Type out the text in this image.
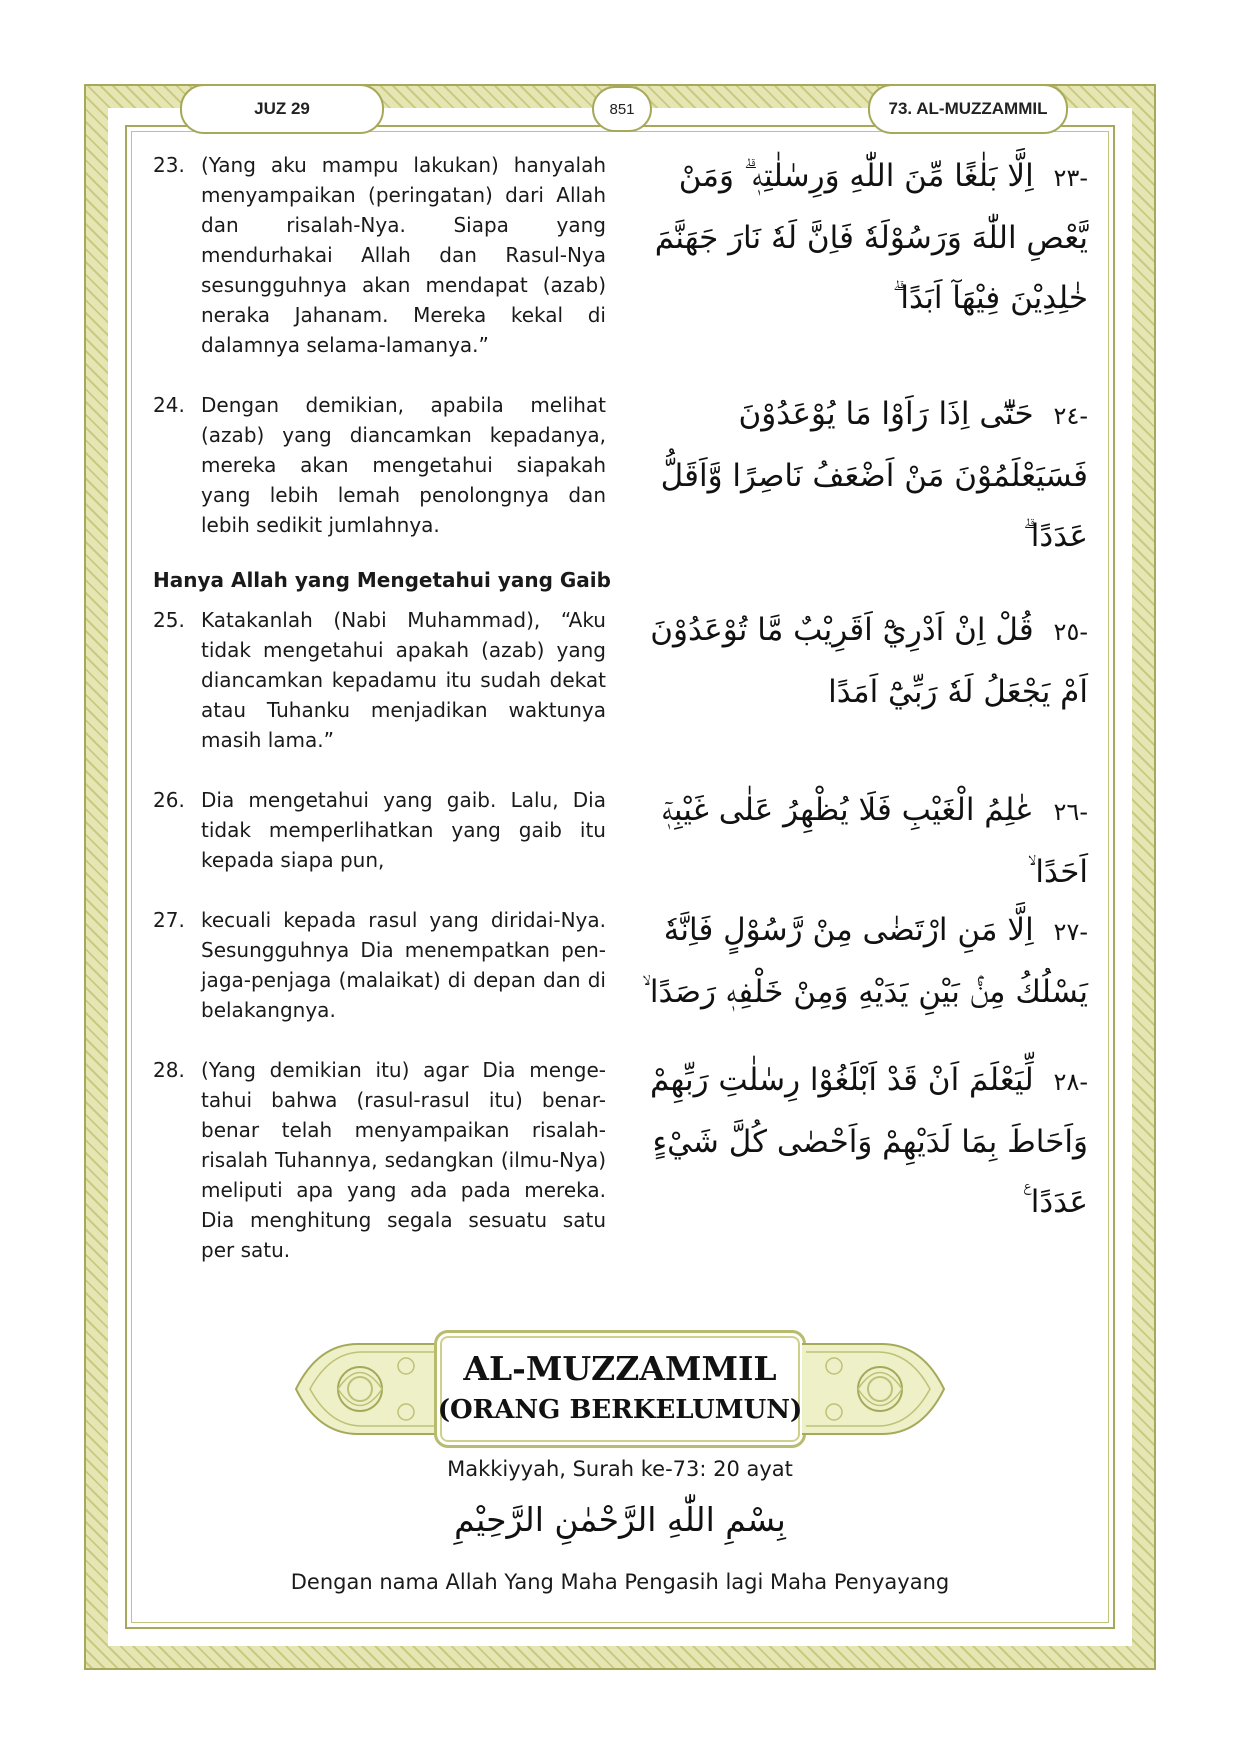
JUZ 29	851	73. AL-MUZZAMMIL
23. (Yang aku mampu lakukan) hanyalah menyampaikan (peringatan) dari Allah dan risalah-Nya. Siapa yang mendurhakai Allah dan Rasul-Nya sesungguhnya akan mendapat (azab) neraka Jahanam. Mereka kekal di dalamnya selama-lamanya.”
-٢٣ اِلَّا بَلٰغًا مِّنَ اللّٰهِ وَرِسٰلٰتِهٖ ۗ وَمَنْ يَّعْصِ اللّٰهَ وَرَسُوْلَهٗ فَاِنَّ لَهٗ نَارَ جَهَنَّمَ خٰلِدِيْنَ فِيْهَآ اَبَدًا ۗ
24. Dengan demikian, apabila melihat (azab) yang diancamkan kepadanya, mereka akan mengetahui siapakah yang lebih lemah penolongnya dan lebih sedikit jumlahnya.
-٢٤ حَتّٰٓى اِذَا رَاَوْا مَا يُوْعَدُوْنَ فَسَيَعْلَمُوْنَ مَنْ اَضْعَفُ نَاصِرًا وَّاَقَلُّ عَدَدًا ۗ
Hanya Allah yang Mengetahui yang Gaib
25. Katakanlah (Nabi Muhammad), “Aku tidak mengetahui apakah (azab) yang diancamkan kepadamu itu sudah dekat atau Tuhanku menjadikan waktunya masih lama.”
-٢٥ قُلْ اِنْ اَدْرِيْٓ اَقَرِيْبٌ مَّا تُوْعَدُوْنَ اَمْ يَجْعَلُ لَهٗ رَبِّيْٓ اَمَدًا
26. Dia mengetahui yang gaib. Lalu, Dia tidak memperlihatkan yang gaib itu kepada siapa pun,
-٢٦ عٰلِمُ الْغَيْبِ فَلَا يُظْهِرُ عَلٰى غَيْبِهٖٓ اَحَدًا ۙ
27. kecuali kepada rasul yang diridai-Nya. Sesungguhnya Dia menempatkan pen-jaga-penjaga (malaikat) di depan dan di belakangnya.
-٢٧ اِلَّا مَنِ ارْتَضٰى مِنْ رَّسُوْلٍ فَاِنَّهٗ يَسْلُكُ مِنْۢ بَيْنِ يَدَيْهِ وَمِنْ خَلْفِهٖ رَصَدًا ۙ
28. (Yang demikian itu) agar Dia menge-tahui bahwa (rasul-rasul itu) benar-benar telah menyampaikan risalah-risalah Tuhannya, sedangkan (ilmu-Nya) meliputi apa yang ada pada mereka. Dia menghitung segala sesuatu satu per satu.
-٢٨ لِّيَعْلَمَ اَنْ قَدْ اَبْلَغُوْا رِسٰلٰتِ رَبِّهِمْ وَاَحَاطَ بِمَا لَدَيْهِمْ وَاَحْصٰى كُلَّ شَيْءٍ عَدَدًا ࣖ
AL-MUZZAMMIL
(ORANG BERKELUMUN)
Makkiyyah, Surah ke-73: 20 ayat
بِسْمِ اللّٰهِ الرَّحْمٰنِ الرَّحِيْمِ
Dengan nama Allah Yang Maha Pengasih lagi Maha Penyayang
